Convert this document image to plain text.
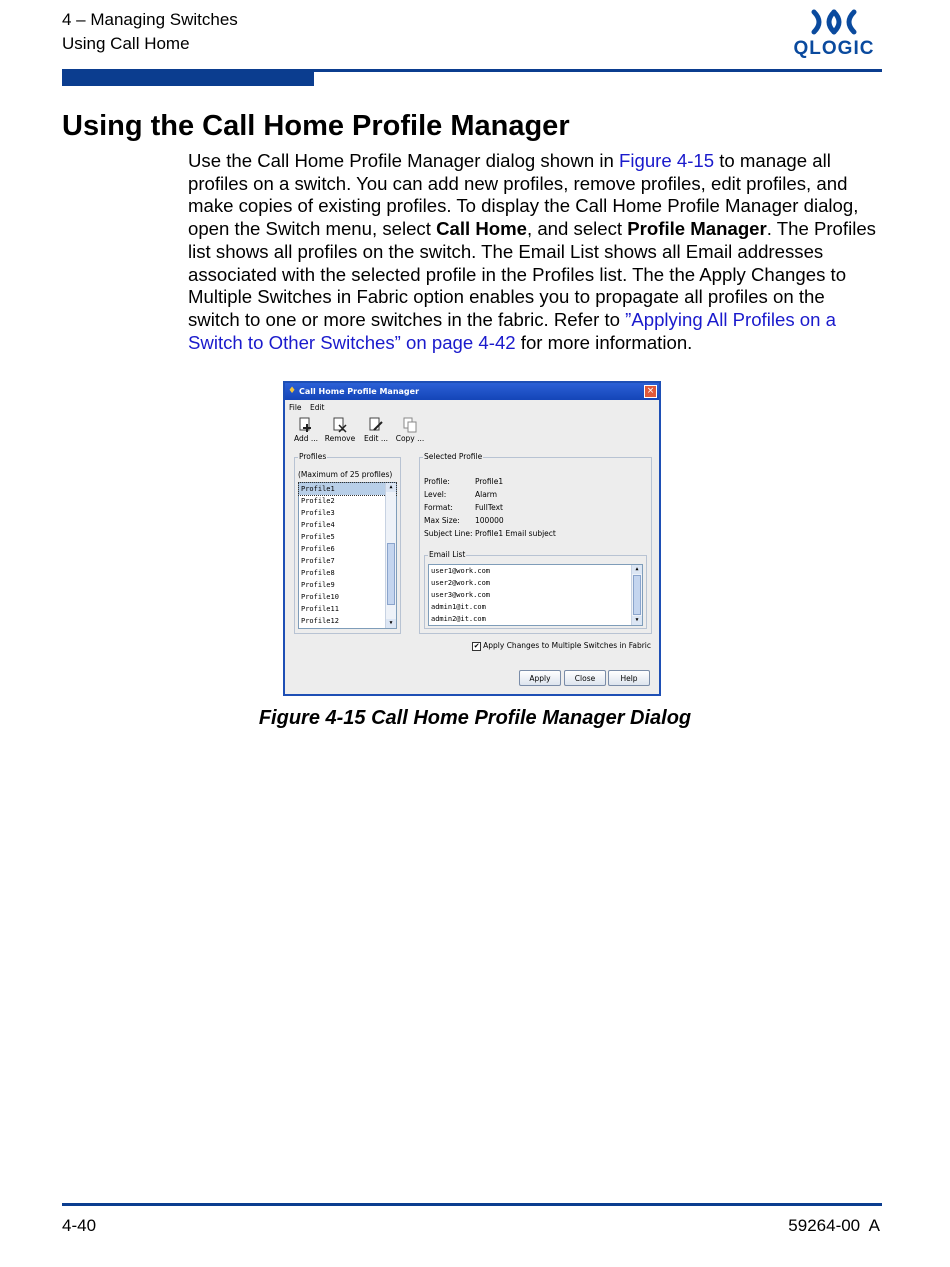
4 – Managing Switches
Using Call Home	QLOGIC
Using the Call Home Profile Manager

Use the Call Home Profile Manager dialog shown in Figure 4-15 to manage all profiles on a switch. You can add new profiles, remove profiles, edit profiles, and make copies of existing profiles. To display the Call Home Profile Manager dialog, open the Switch menu, select Call Home, and select Profile Manager. The Profiles list shows all profiles on the switch. The Email List shows all Email addresses associated with the selected profile in the Profiles list. The the Apply Changes to Multiple Switches in Fabric option enables you to propagate all profiles on the switch to one or more switches in the fabric. Refer to ”Applying All Profiles on a Switch to Other Switches” on page 4-42 for more information.

♦ Call Home Profile Manager	×
File Edit
Add ... Remove	Edit ...	Copy ...
Profiles
(Maximum of 25 profiles)
Profile1
Profile2
Profile3
Profile4
Profile5
Profile6
Profile7
Profile8
Profile9
Profile10
Profile11
Profile12
▲
▼
Selected Profile
Profile:	Profile1
Level:	Alarm
Format:	FullText
Max Size: 100000
Subject Line: Profile1 Email subject
Email List
user1@work.com
user2@work.com
user3@work.com
admin1@it.com
admin2@it.com
▲
▼
✔ Apply Changes to Multiple Switches in Fabric
Apply	Close	Help
Figure 4-15 Call Home Profile Manager Dialog
4-40	59264-00  A
